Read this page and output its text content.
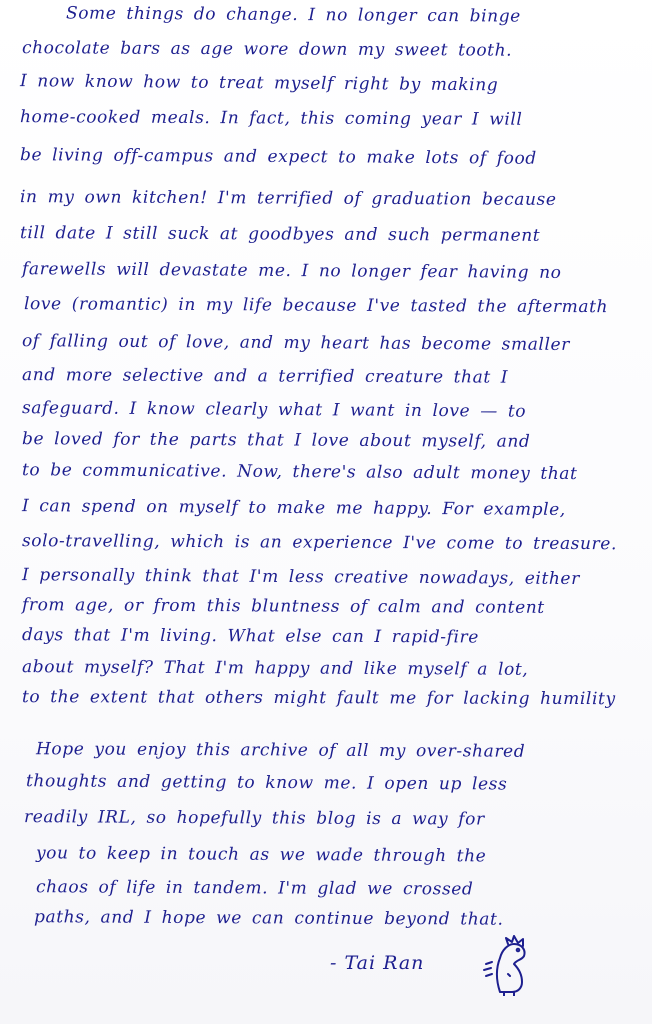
Some things do change. I no longer can binge
chocolate bars as age wore down my sweet tooth.
I now know how to treat myself right by making
home-cooked meals. In fact, this coming year I will
be living off-campus and expect to make lots of food
in my own kitchen! I'm terrified of graduation because
till date I still suck at goodbyes and such permanent
farewells will devastate me. I no longer fear having no
love (romantic) in my life because I've tasted the aftermath
of falling out of love, and my heart has become smaller
and more selective and a terrified creature that I
safeguard. I know clearly what I want in love — to
be loved for the parts that I love about myself, and
to be communicative. Now, there's also adult money that
I can spend on myself to make me happy. For example,
solo-travelling, which is an experience I've come to treasure.
I personally think that I'm less creative nowadays, either
from age, or from this bluntness of calm and content
days that I'm living. What else can I rapid-fire
about myself? That I'm happy and like myself a lot,
to the extent that others might fault me for lacking humility
Hope you enjoy this archive of all my over-shared
thoughts and getting to know me. I open up less
readily IRL, so hopefully this blog is a way for
you to keep in touch as we wade through the
chaos of life in tandem. I'm glad we crossed
paths, and I hope we can continue beyond that.
- Tai Ran
